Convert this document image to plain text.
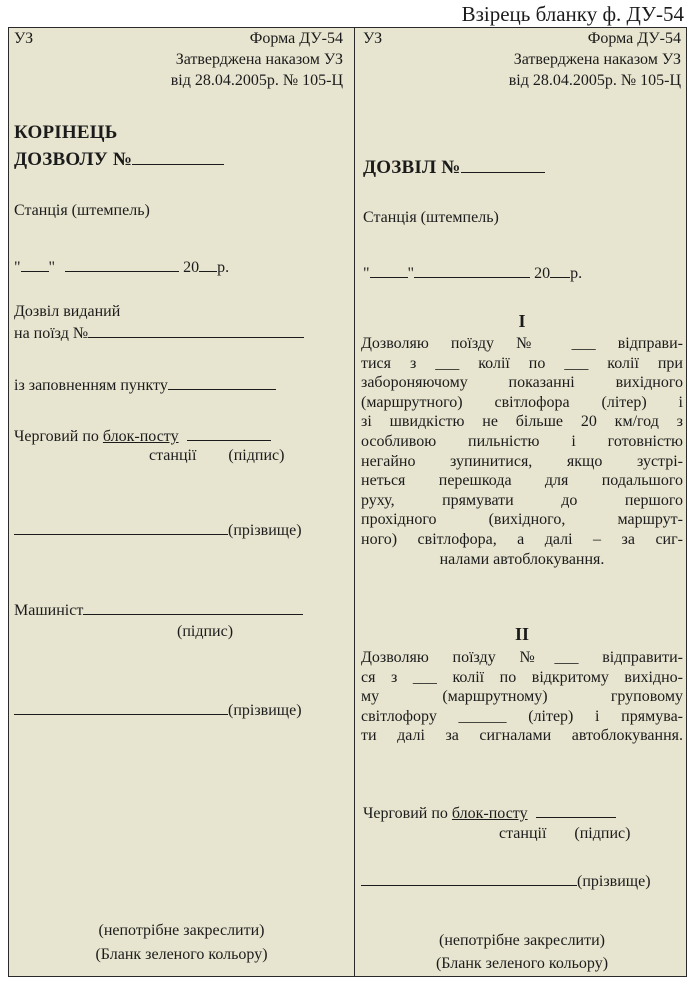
Взірець бланку ф. ДУ-54
УЗ	Форма ДУ-54
Затверджена наказом УЗ
від 28.04.2005р. № 105-Ц
КОРІНЕЦЬ
ДОЗВОЛУ №
Станція (штемпель)
" "	20 р.
Дозвіл виданий
на поїзд №
із заповненням пункту
Черговий по блок-посту
станції (підпис)
(прізвище)
Машиніст
(підпис)
(прізвище)
(непотрібне закреслити)
(Бланк зеленого кольору)
УЗ	Форма ДУ-54
Затверджена наказом УЗ
від 28.04.2005р. № 105-Ц
ДОЗВІЛ №
Станція (штемпель)
" "	20 р.
I
Дозволяю поїзду № ___ відправи-
тися з ___ колії по ___ колії при
забороняючому показанні вихідного
(маршрутного) світлофора (літер) і
зі швидкістю не більше 20 км/год з
особливою пильністю і готовністю
негайно зупинитися, якщо зустрі-
неться перешкода для подальшого
руху, прямувати до першого
прохідного (вихідного, маршрут-
ного) світлофора, а далі – за сиг-
налами автоблокування.
II
Дозволяю поїзду №___ відправити-
ся з ___ колії по відкритому вихідно-
му (маршрутному) груповому
світлофору ______ (літер) і прямува-
ти далі за сигналами автоблокування.
Черговий по блок-посту
станції (підпис)
(прізвище)
(непотрібне закреслити)
(Бланк зеленого кольору)
